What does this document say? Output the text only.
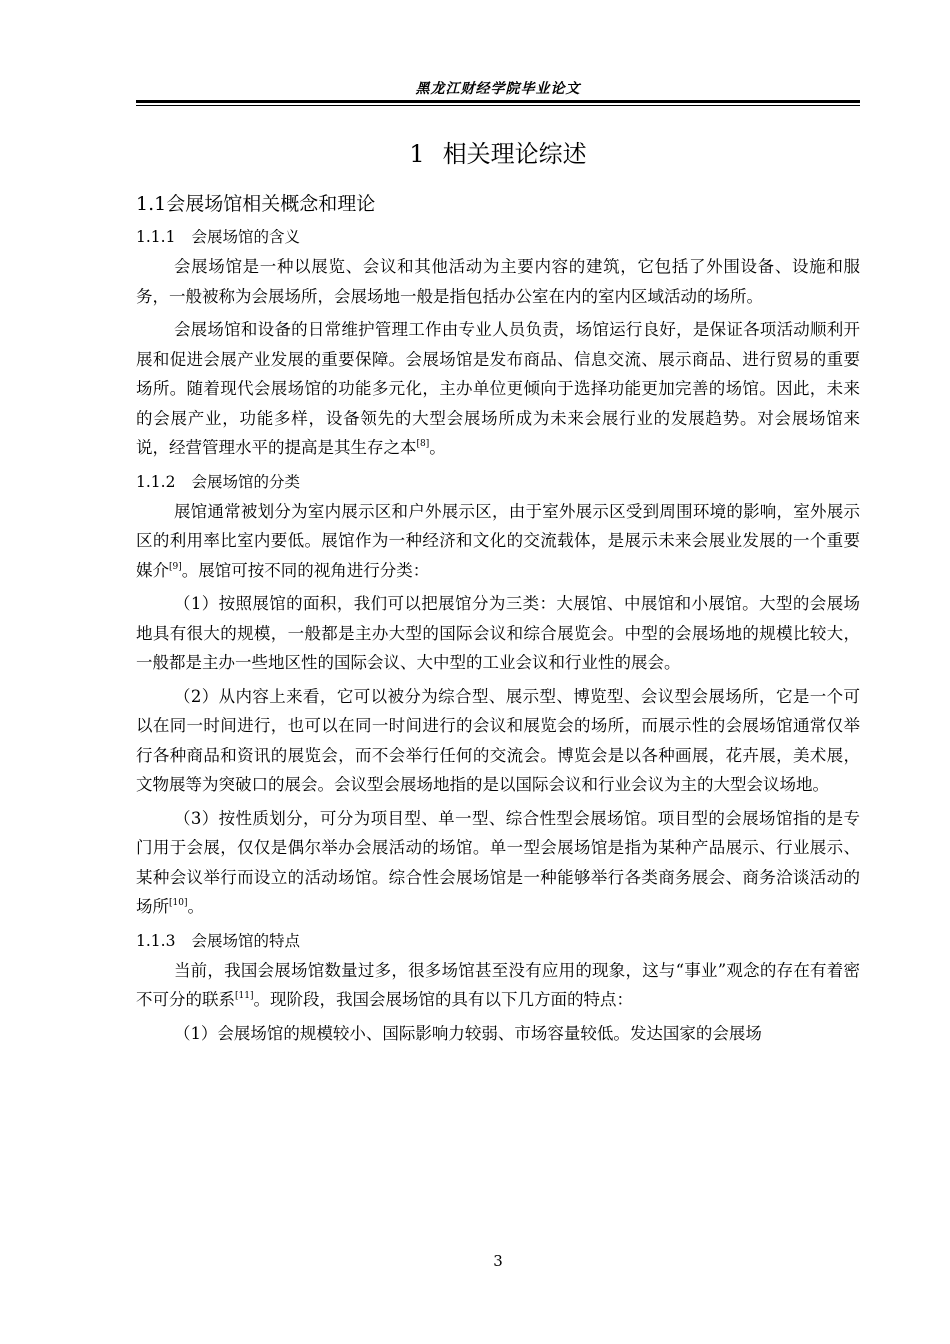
黑龙江财经学院毕业论文
1 相关理论综述
1.1会展场馆相关概念和理论
1.1.1 会展场馆的含义

会展场馆是一种以展览、会议和其他活动为主要内容的建筑，它包括了外围设备、设施和服务，一般被称为会展场所，会展场地一般是指包括办公室在内的室内区域活动的场所。

会展场馆和设备的日常维护管理工作由专业人员负责，场馆运行良好，是保证各项活动顺利开展和促进会展产业发展的重要保障。会展场馆是发布商品、信息交流、展示商品、进行贸易的重要场所。随着现代会展场馆的功能多元化，主办单位更倾向于选择功能更加完善的场馆。因此，未来的会展产业，功能多样，设备领先的大型会展场所成为未来会展行业的发展趋势。对会展场馆来说，经营管理水平的提高是其生存之本[8]。

1.1.2 会展场馆的分类

展馆通常被划分为室内展示区和户外展示区，由于室外展示区受到周围环境的影响，室外展示区的利用率比室内要低。展馆作为一种经济和文化的交流载体，是展示未来会展业发展的一个重要媒介[9]。展馆可按不同的视角进行分类：

（1）按照展馆的面积，我们可以把展馆分为三类：大展馆、中展馆和小展馆。大型的会展场地具有很大的规模，一般都是主办大型的国际会议和综合展览会。中型的会展场地的规模比较大，一般都是主办一些地区性的国际会议、大中型的工业会议和行业性的展会。

（2）从内容上来看，它可以被分为综合型、展示型、博览型、会议型会展场所，它是一个可以在同一时间进行，也可以在同一时间进行的会议和展览会的场所，而展示性的会展场馆通常仅举行各种商品和资讯的展览会，而不会举行任何的交流会。博览会是以各种画展，花卉展，美术展，文物展等为突破口的展会。会议型会展场地指的是以国际会议和行业会议为主的大型会议场地。

（3）按性质划分，可分为项目型、单一型、综合性型会展场馆。项目型的会展场馆指的是专门用于会展，仅仅是偶尔举办会展活动的场馆。单一型会展场馆是指为某种产品展示、行业展示、某种会议举行而设立的活动场馆。综合性会展场馆是一种能够举行各类商务展会、商务洽谈活动的场所[10]。

1.1.3 会展场馆的特点

当前，我国会展场馆数量过多，很多场馆甚至没有应用的现象，这与“事业”观念的存在有着密不可分的联系[11]。现阶段，我国会展场馆的具有以下几方面的特点：

（1）会展场馆的规模较小、国际影响力较弱、市场容量较低。发达国家的会展场

3
